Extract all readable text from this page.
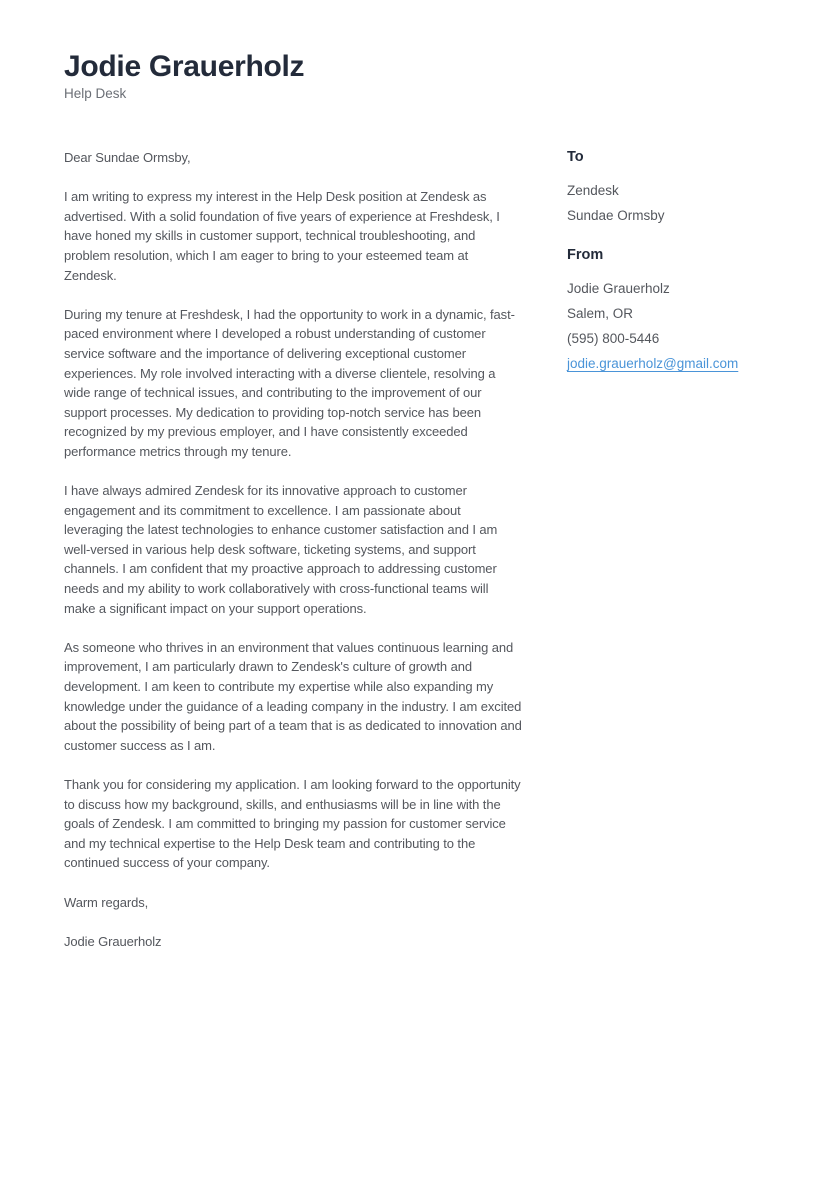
Jodie Grauerholz
Help Desk

Dear Sundae Ormsby,

I am writing to express my interest in the Help Desk position at Zendesk as advertised. With a solid foundation of five years of experience at Freshdesk, I have honed my skills in customer support, technical troubleshooting, and problem resolution, which I am eager to bring to your esteemed team at Zendesk.

During my tenure at Freshdesk, I had the opportunity to work in a dynamic, fast-paced environment where I developed a robust understanding of customer service software and the importance of delivering exceptional customer experiences. My role involved interacting with a diverse clientele, resolving a wide range of technical issues, and contributing to the improvement of our support processes. My dedication to providing top-notch service has been recognized by my previous employer, and I have consistently exceeded performance metrics through my tenure.

I have always admired Zendesk for its innovative approach to customer engagement and its commitment to excellence. I am passionate about leveraging the latest technologies to enhance customer satisfaction and I am well-versed in various help desk software, ticketing systems, and support channels. I am confident that my proactive approach to addressing customer needs and my ability to work collaboratively with cross-functional teams will make a significant impact on your support operations.

As someone who thrives in an environment that values continuous learning and improvement, I am particularly drawn to Zendesk's culture of growth and development. I am keen to contribute my expertise while also expanding my knowledge under the guidance of a leading company in the industry. I am excited about the possibility of being part of a team that is as dedicated to innovation and customer success as I am.

Thank you for considering my application. I am looking forward to the opportunity to discuss how my background, skills, and enthusiasms will be in line with the goals of Zendesk. I am committed to bringing my passion for customer service and my technical expertise to the Help Desk team and contributing to the continued success of your company.

Warm regards,

Jodie Grauerholz

To
Zendesk
Sundae Ormsby
From
Jodie Grauerholz
Salem, OR
(595) 800-5446
jodie.grauerholz@gmail.com
